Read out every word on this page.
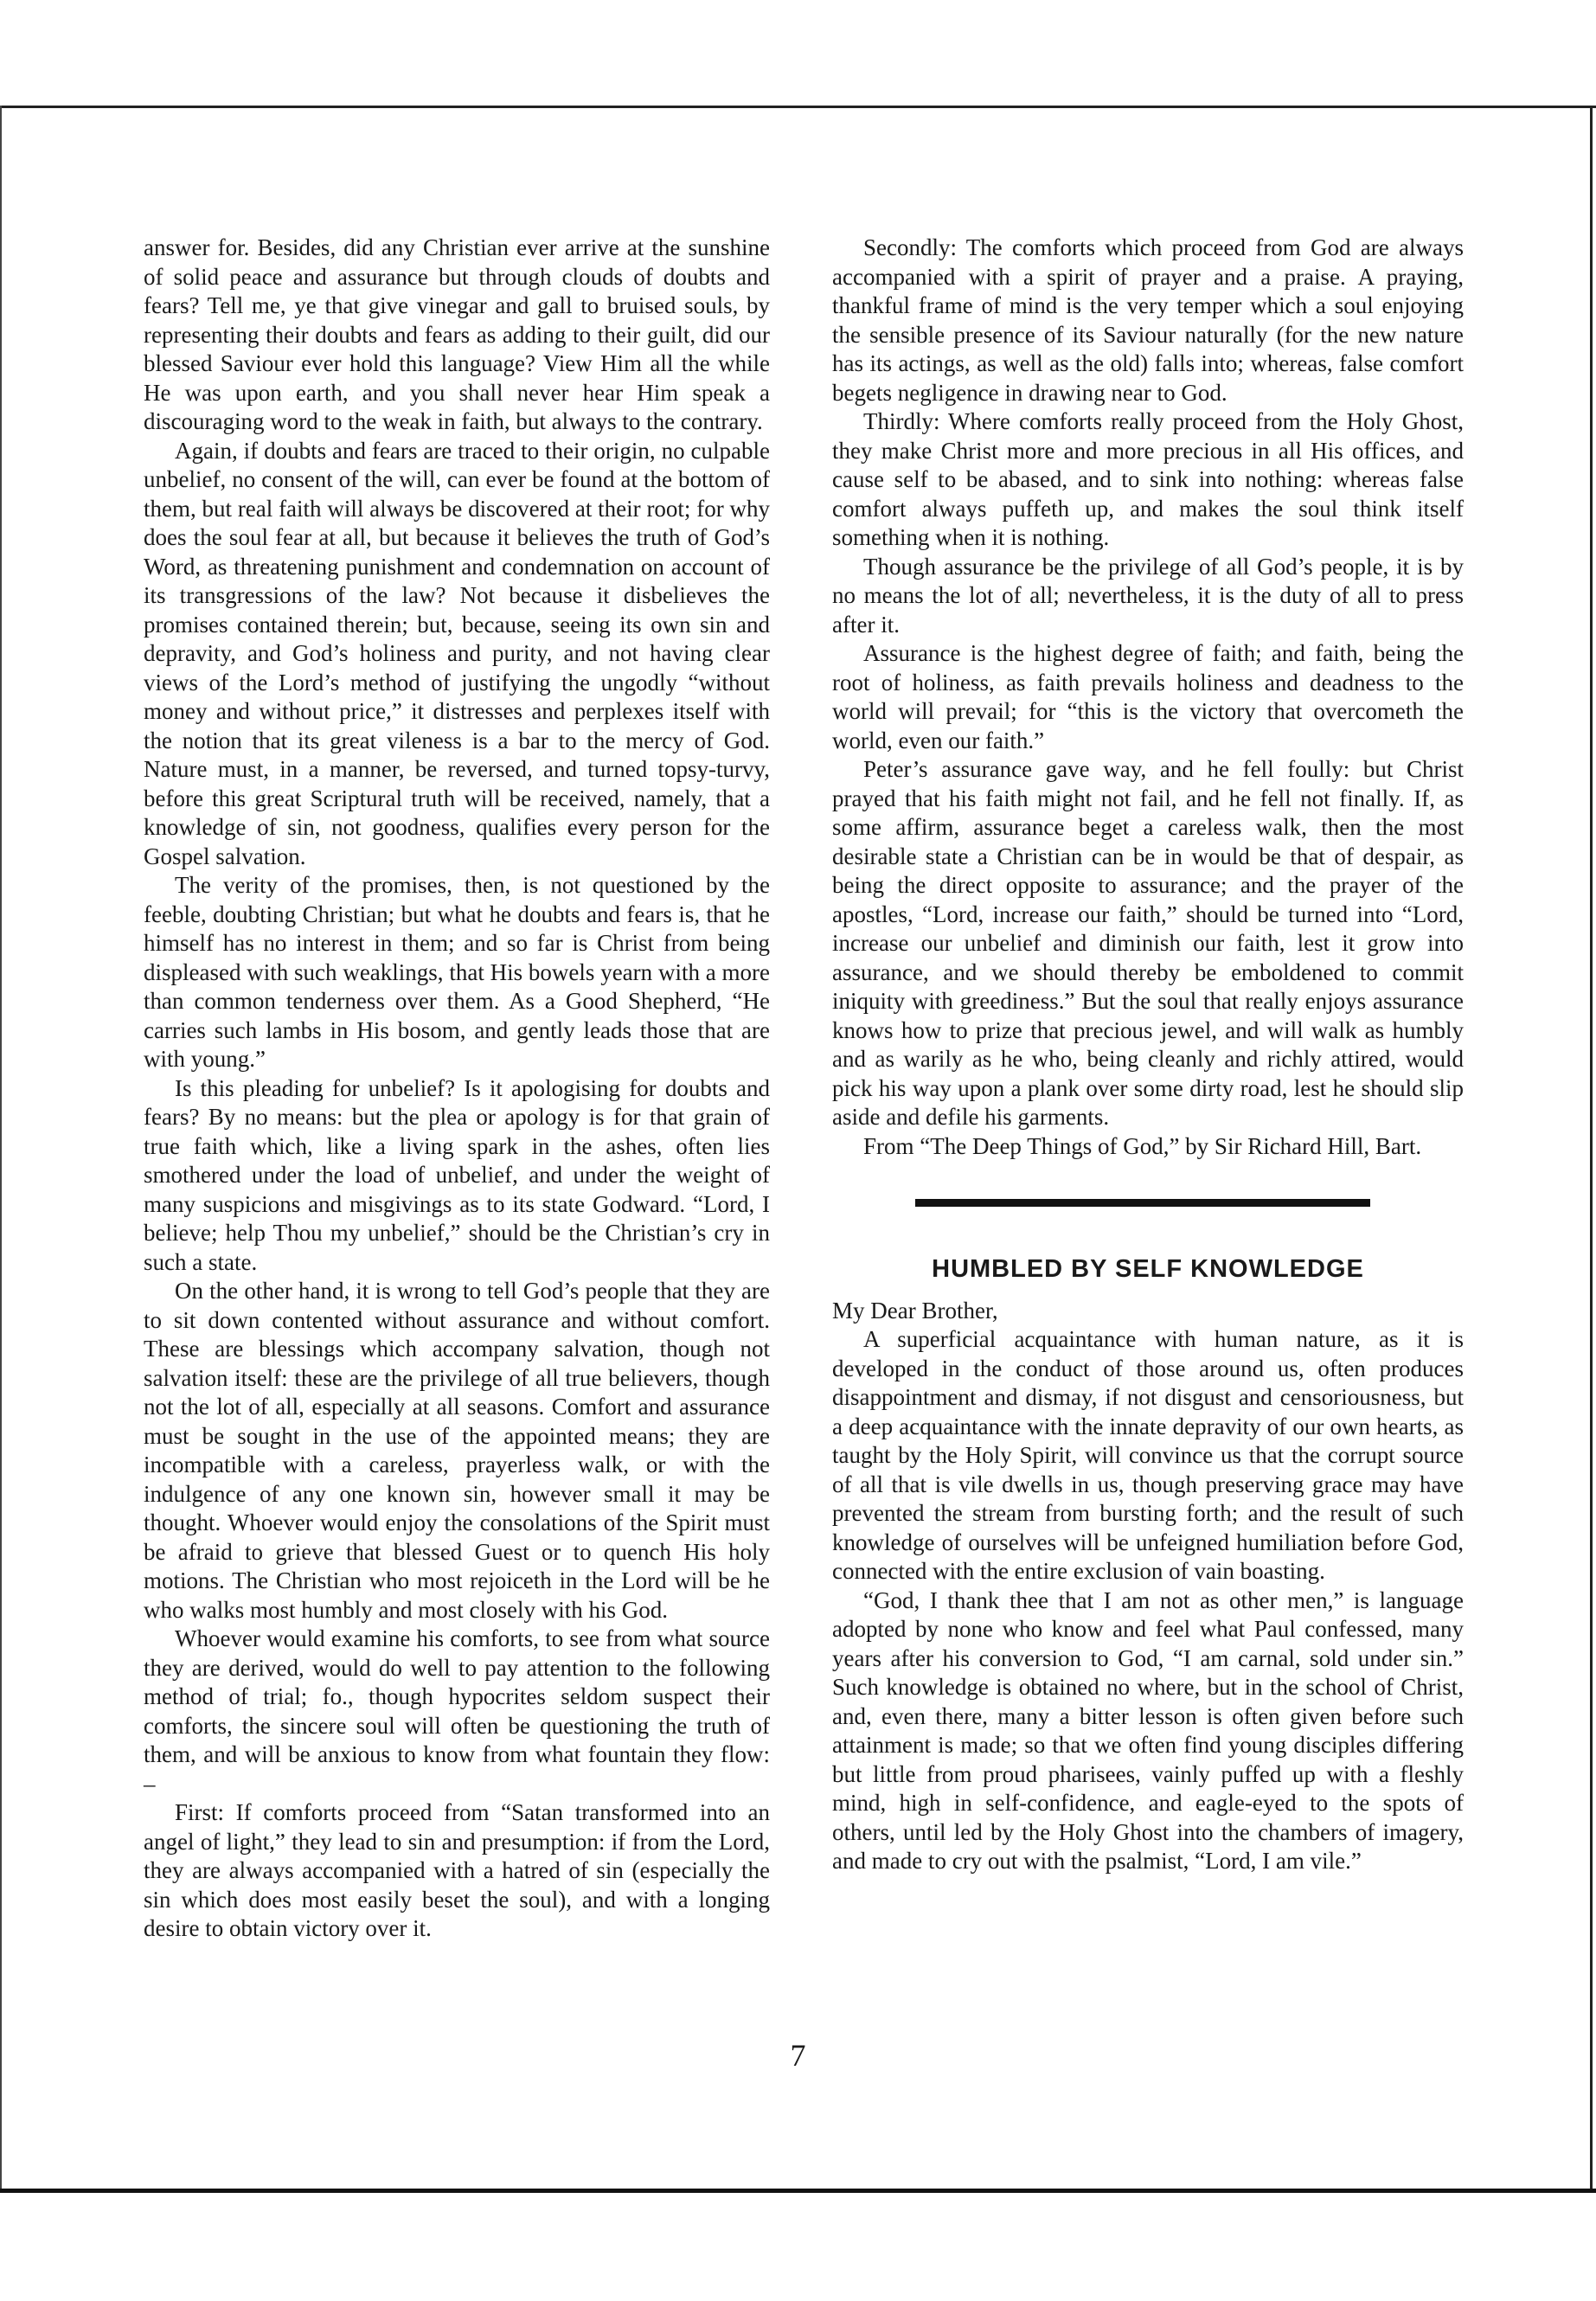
answer for. Besides, did any Christian ever arrive at the sunshine of solid peace and assurance but through clouds of doubts and fears? Tell me, ye that give vinegar and gall to bruised souls, by representing their doubts and fears as adding to their guilt, did our blessed Saviour ever hold this language? View Him all the while He was upon earth, and you shall never hear Him speak a discouraging word to the weak in faith, but always to the contrary.

Again, if doubts and fears are traced to their origin, no culpable unbelief, no consent of the will, can ever be found at the bottom of them, but real faith will always be discovered at their root; for why does the soul fear at all, but because it believes the truth of God’s Word, as threatening punishment and condemnation on account of its transgressions of the law? Not because it disbelieves the promises contained therein; but, because, seeing its own sin and depravity, and God’s holiness and purity, and not having clear views of the Lord’s method of justifying the ungodly “without money and without price,” it distresses and perplexes itself with the notion that its great vileness is a bar to the mercy of God. Nature must, in a manner, be reversed, and turned topsy-turvy, before this great Scriptural truth will be received, namely, that a knowledge of sin, not goodness, qualifies every person for the Gospel salvation.

The verity of the promises, then, is not questioned by the feeble, doubting Christian; but what he doubts and fears is, that he himself has no interest in them; and so far is Christ from being displeased with such weaklings, that His bowels yearn with a more than common tenderness over them. As a Good Shepherd, “He carries such lambs in His bosom, and gently leads those that are with young.”

Is this pleading for unbelief? Is it apologising for doubts and fears? By no means: but the plea or apology is for that grain of true faith which, like a living spark in the ashes, often lies smothered under the load of unbelief, and under the weight of many suspicions and misgivings as to its state Godward. “Lord, I believe; help Thou my unbelief,” should be the Christian’s cry in such a state.

On the other hand, it is wrong to tell God’s people that they are to sit down contented without assurance and without comfort. These are blessings which accompany salvation, though not salvation itself: these are the privilege of all true believers, though not the lot of all, especially at all seasons. Comfort and assurance must be sought in the use of the appointed means; they are incompatible with a careless, prayerless walk, or with the indulgence of any one known sin, however small it may be thought. Whoever would enjoy the consolations of the Spirit must be afraid to grieve that blessed Guest or to quench His holy motions. The Christian who most rejoiceth in the Lord will be he who walks most humbly and most closely with his God.

Whoever would examine his comforts, to see from what source they are derived, would do well to pay attention to the following method of trial; fo., though hypocrites seldom suspect their comforts, the sincere soul will often be questioning the truth of them, and will be anxious to know from what fountain they flow: –

First: If comforts proceed from “Satan transformed into an angel of light,” they lead to sin and presumption: if from the Lord, they are always accompanied with a hatred of sin (especially the sin which does most easily beset the soul), and with a longing desire to obtain victory over it.

Secondly: The comforts which proceed from God are always accompanied with a spirit of prayer and a praise. A praying, thankful frame of mind is the very temper which a soul enjoying the sensible presence of its Saviour naturally (for the new nature has its actings, as well as the old) falls into; whereas, false comfort begets negligence in drawing near to God.

Thirdly: Where comforts really proceed from the Holy Ghost, they make Christ more and more precious in all His offices, and cause self to be abased, and to sink into nothing: whereas false comfort always puffeth up, and makes the soul think itself something when it is nothing.

Though assurance be the privilege of all God’s people, it is by no means the lot of all; nevertheless, it is the duty of all to press after it.

Assurance is the highest degree of faith; and faith, being the root of holiness, as faith prevails holiness and deadness to the world will prevail; for “this is the victory that overcometh the world, even our faith.”

Peter’s assurance gave way, and he fell foully: but Christ prayed that his faith might not fail, and he fell not finally. If, as some affirm, assurance beget a careless walk, then the most desirable state a Christian can be in would be that of despair, as being the direct opposite to assurance; and the prayer of the apostles, “Lord, increase our faith,” should be turned into “Lord, increase our unbelief and diminish our faith, lest it grow into assurance, and we should thereby be emboldened to commit iniquity with greediness.” But the soul that really enjoys assurance knows how to prize that precious jewel, and will walk as humbly and as warily as he who, being cleanly and richly attired, would pick his way upon a plank over some dirty road, lest he should slip aside and defile his garments.

From “The Deep Things of God,” by Sir Richard Hill, Bart.

HUMBLED BY SELF KNOWLEDGE

My Dear Brother,

A superficial acquaintance with human nature, as it is developed in the conduct of those around us, often produces disappointment and dismay, if not disgust and censoriousness, but a deep acquaintance with the innate depravity of our own hearts, as taught by the Holy Spirit, will convince us that the corrupt source of all that is vile dwells in us, though preserving grace may have prevented the stream from bursting forth; and the result of such knowledge of ourselves will be unfeigned humiliation before God, connected with the entire exclusion of vain boasting.

“God, I thank thee that I am not as other men,” is language adopted by none who know and feel what Paul confessed, many years after his conversion to God, “I am carnal, sold under sin.” Such knowledge is obtained no where, but in the school of Christ, and, even there, many a bitter lesson is often given before such attainment is made; so that we often find young disciples differing but little from proud pharisees, vainly puffed up with a fleshly mind, high in self-confidence, and eagle-eyed to the spots of others, until led by the Holy Ghost into the chambers of imagery, and made to cry out with the psalmist, “Lord, I am vile.”

7
